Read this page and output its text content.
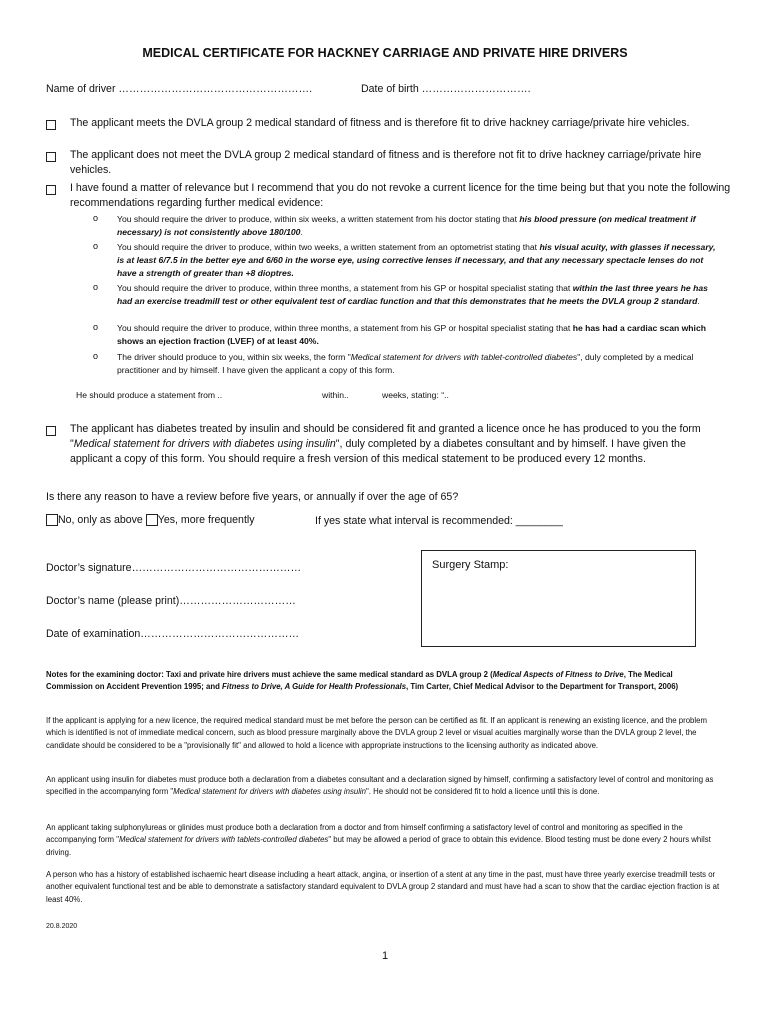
MEDICAL CERTIFICATE FOR HACKNEY CARRIAGE AND PRIVATE HIRE DRIVERS
Name of driver ……………………………………………….	Date of birth ………………………….
The applicant meets the DVLA group 2 medical standard of fitness and is therefore fit to drive hackney carriage/private hire vehicles.
The applicant does not meet the DVLA group 2 medical standard of fitness and is therefore not fit to drive hackney carriage/private hire vehicles.
I have found a matter of relevance but I recommend that you do not revoke a current licence for the time being but that you note the following recommendations regarding further medical evidence:
o You should require the driver to produce, within six weeks, a written statement from his doctor stating that his blood pressure (on medical treatment if necessary) is not consistently above 180/100.
o You should require the driver to produce, within two weeks, a written statement from an optometrist stating that his visual acuity, with glasses if necessary, is at least 6/7.5 in the better eye and 6/60 in the worse eye, using corrective lenses if necessary, and that any necessary spectacle lenses do not have a strength of greater than +8 dioptres.
o You should require the driver to produce, within three months, a statement from his GP or hospital specialist stating that within the last three years he has had an exercise treadmill test or other equivalent test of cardiac function and that this demonstrates that he meets the DVLA group 2 standard.
o You should require the driver to produce, within three months, a statement from his GP or hospital specialist stating that he has had a cardiac scan which shows an ejection fraction (LVEF) of at least 40%.
o The driver should produce to you, within six weeks, the form "Medical statement for drivers with tablet-controlled diabetes", duly completed by a medical practitioner and by himself. I have given the applicant a copy of this form.
He should produce a statement from ..	within..	weeks, stating: “..
The applicant has diabetes treated by insulin and should be considered fit and granted a licence once he has produced to you the form "Medical statement for drivers with diabetes using insulin", duly completed by a diabetes consultant and by himself. I have given the applicant a copy of this form. You should require a fresh version of this medical statement to be produced every 12 months.
Is there any reason to have a review before five years, or annually if over the age of 65?
No, only as above Yes, more frequently	If yes state what interval is recommended: ________
Doctor’s signature…………………………………………
Doctor’s name (please print)……………………………
Date of examination………………………………………
Surgery Stamp:
Notes for the examining doctor: Taxi and private hire drivers must achieve the same medical standard as DVLA group 2 (Medical Aspects of Fitness to Drive, The Medical Commission on Accident Prevention 1995; and Fitness to Drive, A Guide for Health Professionals, Tim Carter, Chief Medical Advisor to the Department for Transport, 2006)
If the applicant is applying for a new licence, the required medical standard must be met before the person can be certified as fit. If an applicant is renewing an existing licence, and the problem which is identified is not of immediate medical concern, such as blood pressure marginally above the DVLA group 2 level or visual acuities marginally worse than the DVLA group 2 level, the candidate should be considered to be a "provisionally fit" and allowed to hold a licence with appropriate instructions to the licensing authority as indicated above.
An applicant using insulin for diabetes must produce both a declaration from a diabetes consultant and a declaration signed by himself, confirming a satisfactory level of control and monitoring as specified in the accompanying form "Medical statement for drivers with diabetes using insulin". He should not be considered fit to hold a licence until this is done.
An applicant taking sulphonylureas or glinides must produce both a declaration from a doctor and from himself confirming a satisfactory level of control and monitoring as specified in the accompanying form "Medical statement for drivers with tablets-controlled diabetes" but may be allowed a period of grace to obtain this evidence. Blood testing must be done every 2 hours whilst driving.
A person who has a history of established ischaemic heart disease including a heart attack, angina, or insertion of a stent at any time in the past, must have three yearly exercise treadmill tests or another equivalent functional test and be able to demonstrate a satisfactory standard equivalent to DVLA group 2 standard and must have had a scan to show that the cardiac ejection fraction is at least 40%.
20.8.2020
1
